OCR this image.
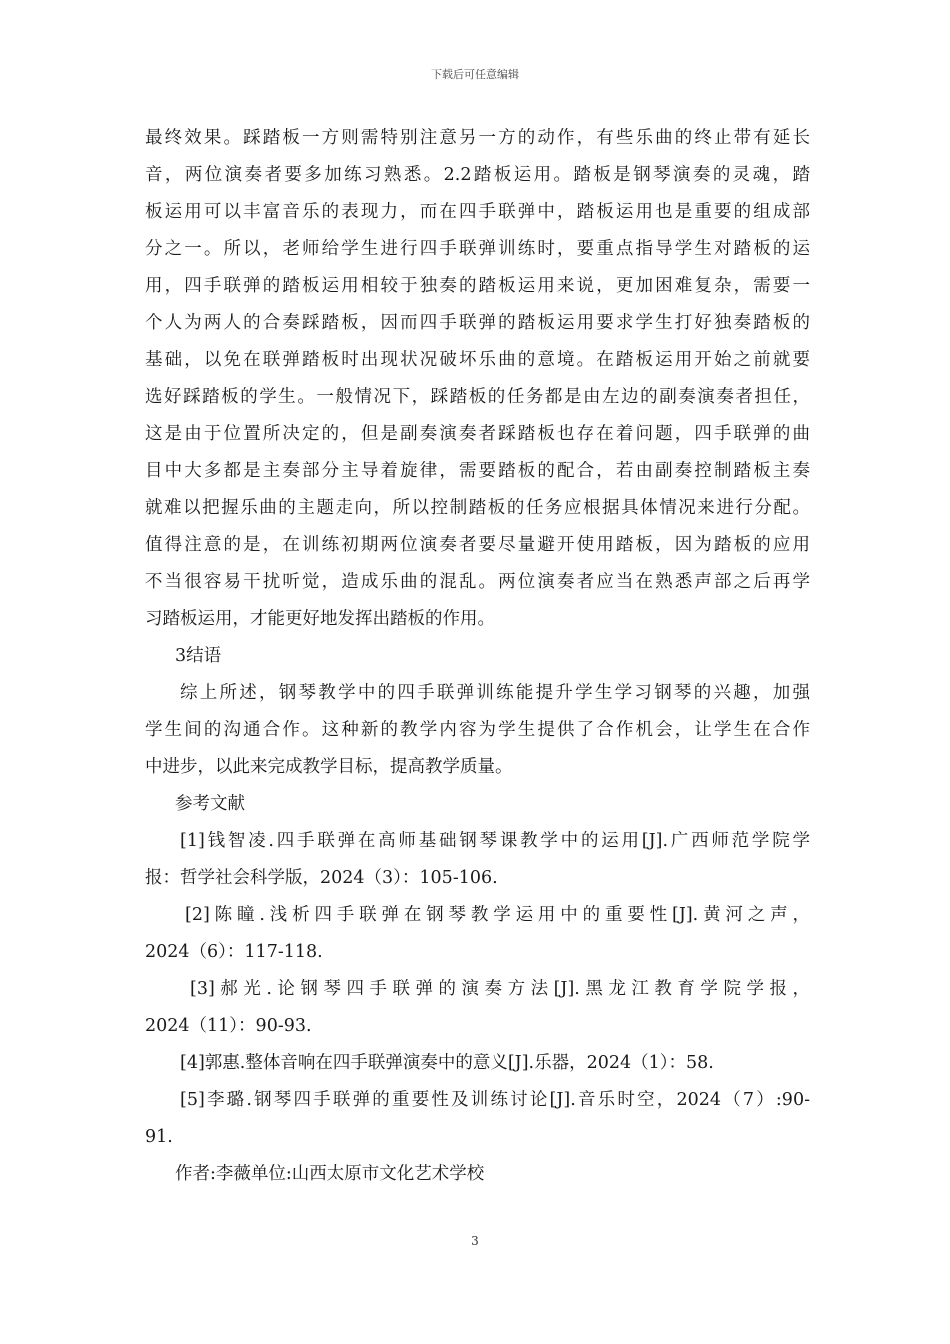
下载后可任意编辑
最终效果。踩踏板一方则需特别注意另一方的动作，有些乐曲的终止带有延长
音，两位演奏者要多加练习熟悉。2.2踏板运用。踏板是钢琴演奏的灵魂，踏
板运用可以丰富音乐的表现力，而在四手联弹中，踏板运用也是重要的组成部
分之一。所以，老师给学生进行四手联弹训练时，要重点指导学生对踏板的运
用，四手联弹的踏板运用相较于独奏的踏板运用来说，更加困难复杂，需要一
个人为两人的合奏踩踏板，因而四手联弹的踏板运用要求学生打好独奏踏板的
基础，以免在联弹踏板时出现状况破坏乐曲的意境。在踏板运用开始之前就要
选好踩踏板的学生。一般情况下，踩踏板的任务都是由左边的副奏演奏者担任，
这是由于位置所决定的，但是副奏演奏者踩踏板也存在着问题，四手联弹的曲
目中大多都是主奏部分主导着旋律，需要踏板的配合，若由副奏控制踏板主奏
就难以把握乐曲的主题走向，所以控制踏板的任务应根据具体情况来进行分配。
值得注意的是，在训练初期两位演奏者要尽量避开使用踏板，因为踏板的应用
不当很容易干扰听觉，造成乐曲的混乱。两位演奏者应当在熟悉声部之后再学
习踏板运用，才能更好地发挥出踏板的作用。
3结语
综上所述，钢琴教学中的四手联弹训练能提升学生学习钢琴的兴趣，加强
学生间的沟通合作。这种新的教学内容为学生提供了合作机会，让学生在合作
中进步，以此来完成教学目标，提高教学质量。
参考文献
[1]钱智凌.四手联弹在高师基础钢琴课教学中的运用[J].广西师范学院学
报：哲学社会科学版，2024（3）：105-106.
[2]陈瞳.浅析四手联弹在钢琴教学运用中的重要性[J].黄河之声，
2024（6）：117-118.
[3]郝光.论钢琴四手联弹的演奏方法[J].黑龙江教育学院学报，
2024（11）：90-93.
[4]郭惠.整体音响在四手联弹演奏中的意义[J].乐器，2024（1）：58.
[5]李璐.钢琴四手联弹的重要性及训练讨论[J].音乐时空，2024（7）:90-
91.
作者:李薇单位:山西太原市文化艺术学校
3
